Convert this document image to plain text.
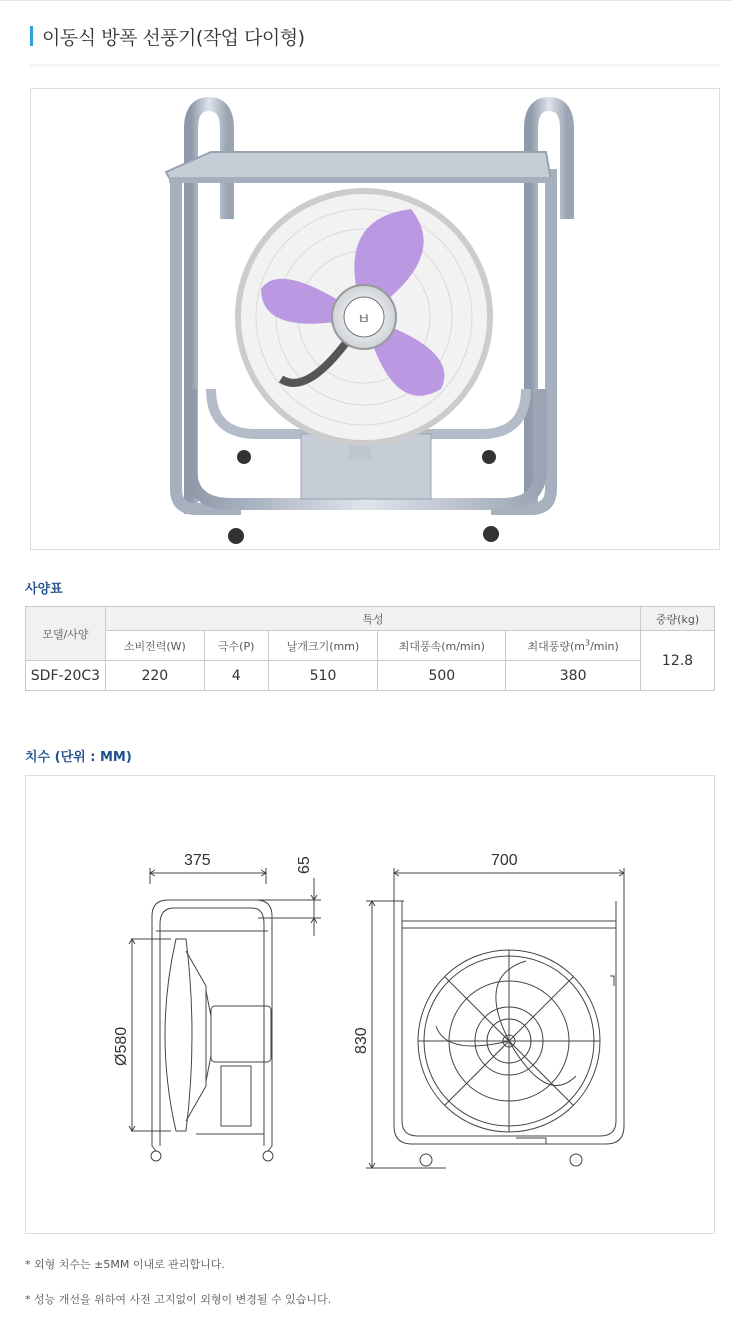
이동식 방폭 선풍기(작업 다이형)
ㅂ
사양표
모델/사양	특성					중량(kg)
	소비전력(W)	극수(P)	날개크기(mm)	최대풍속(m/min)	최대풍량$(m^3/\min)$	12.8
SDF-20C3	220	4	510	500	380	
치수 (단위 : MM)
375	65
Ø580
700
830
* 외형 치수는 ±5MM 이내로 관리합니다.
* 성능 개선을 위하여 사전 고지없이 외형이 변경될 수 있습니다.
